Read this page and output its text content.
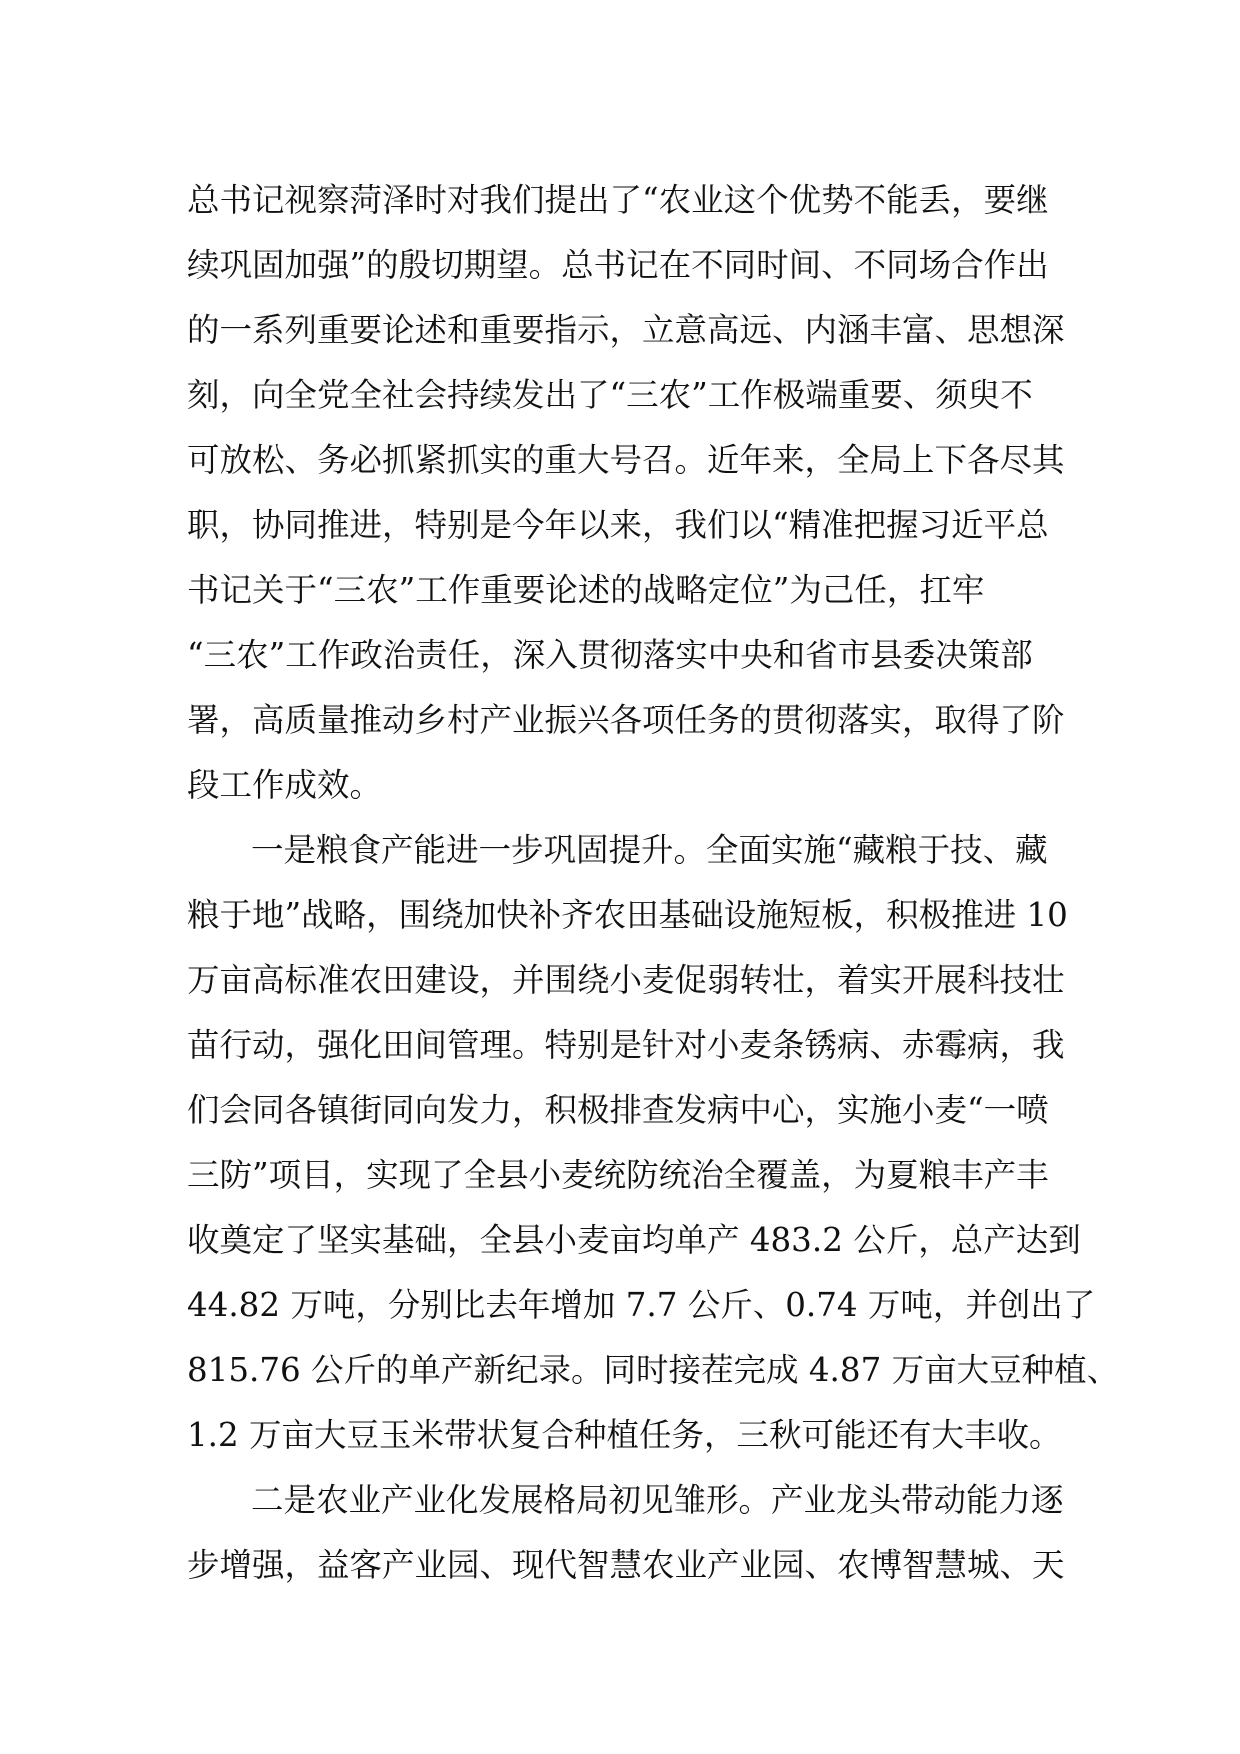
总书记视察菏泽时对我们提出了“农业这个优势不能丢，要继
续巩固加强”的殷切期望。总书记在不同时间、不同场合作出
的一系列重要论述和重要指示，立意高远、内涵丰富、思想深
刻，向全党全社会持续发出了“三农”工作极端重要、须臾不
可放松、务必抓紧抓实的重大号召。近年来，全局上下各尽其
职，协同推进，特别是今年以来，我们以“精准把握习近平总
书记关于“三农”工作重要论述的战略定位”为己任，扛牢
“三农”工作政治责任，深入贯彻落实中央和省市县委决策部
署，高质量推动乡村产业振兴各项任务的贯彻落实，取得了阶
段工作成效。
一是粮食产能进一步巩固提升。全面实施“藏粮于技、藏
粮于地”战略，围绕加快补齐农田基础设施短板，积极推进 10
万亩高标准农田建设，并围绕小麦促弱转壮，着实开展科技壮
苗行动，强化田间管理。特别是针对小麦条锈病、赤霉病，我
们会同各镇街同向发力，积极排查发病中心，实施小麦“一喷
三防”项目，实现了全县小麦统防统治全覆盖，为夏粮丰产丰
收奠定了坚实基础，全县小麦亩均单产 483.2 公斤，总产达到
44.82 万吨，分别比去年增加 7.7 公斤、0.74 万吨，并创出了
815.76 公斤的单产新纪录。同时接茬完成 4.87 万亩大豆种植、
1.2 万亩大豆玉米带状复合种植任务，三秋可能还有大丰收。
二是农业产业化发展格局初见雏形。产业龙头带动能力逐
步增强，益客产业园、现代智慧农业产业园、农博智慧城、天
